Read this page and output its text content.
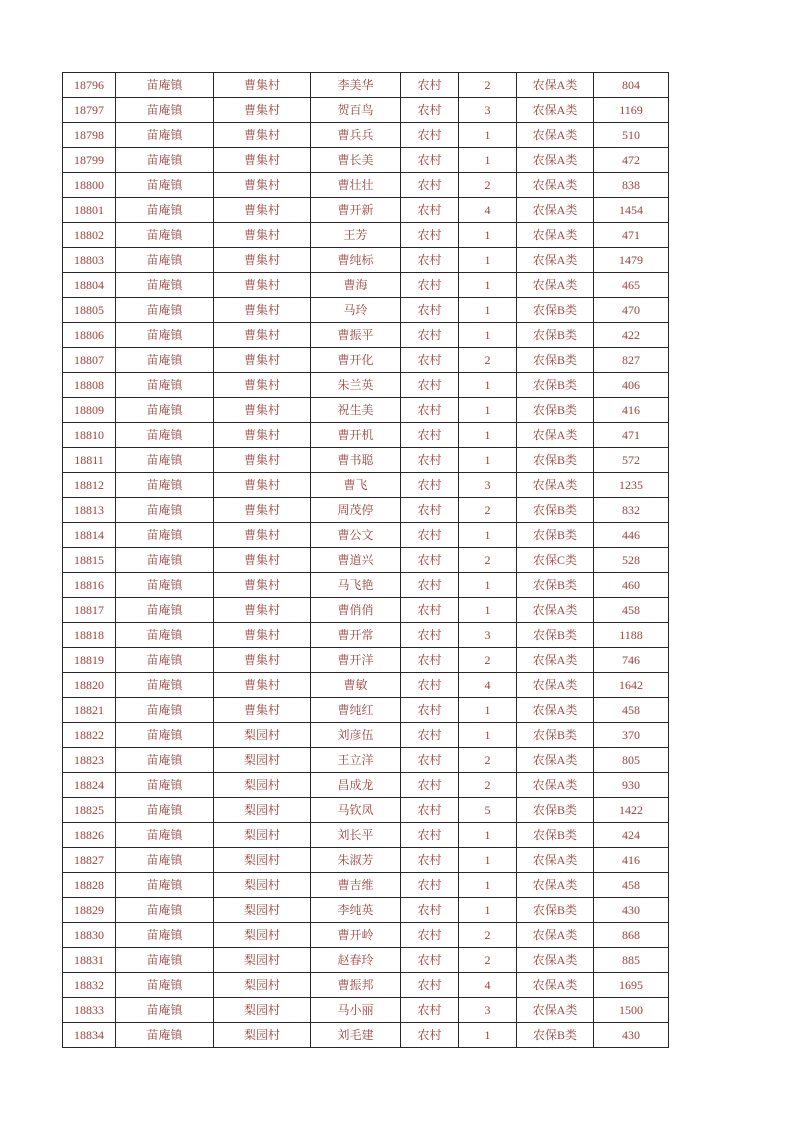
18796	苗庵镇	曹集村	李美华	农村	2	农保A类	804
18797	苗庵镇	曹集村	贺百鸟	农村	3	农保A类	1169
18798	苗庵镇	曹集村	曹兵兵	农村	1	农保A类	510
18799	苗庵镇	曹集村	曹长美	农村	1	农保A类	472
18800	苗庵镇	曹集村	曹壮壮	农村	2	农保A类	838
18801	苗庵镇	曹集村	曹开新	农村	4	农保A类	1454
18802	苗庵镇	曹集村	王芳	农村	1	农保A类	471
18803	苗庵镇	曹集村	曹纯标	农村	1	农保A类	1479
18804	苗庵镇	曹集村	曹海	农村	1	农保A类	465
18805	苗庵镇	曹集村	马玲	农村	1	农保B类	470
18806	苗庵镇	曹集村	曹振平	农村	1	农保B类	422
18807	苗庵镇	曹集村	曹开化	农村	2	农保B类	827
18808	苗庵镇	曹集村	朱兰英	农村	1	农保B类	406
18809	苗庵镇	曹集村	祝生美	农村	1	农保B类	416
18810	苗庵镇	曹集村	曹开机	农村	1	农保A类	471
18811	苗庵镇	曹集村	曹书聪	农村	1	农保B类	572
18812	苗庵镇	曹集村	曹飞	农村	3	农保A类	1235
18813	苗庵镇	曹集村	周茂停	农村	2	农保B类	832
18814	苗庵镇	曹集村	曹公文	农村	1	农保B类	446
18815	苗庵镇	曹集村	曹道兴	农村	2	农保C类	528
18816	苗庵镇	曹集村	马飞艳	农村	1	农保B类	460
18817	苗庵镇	曹集村	曹俏俏	农村	1	农保A类	458
18818	苗庵镇	曹集村	曹开常	农村	3	农保B类	1188
18819	苗庵镇	曹集村	曹开洋	农村	2	农保A类	746
18820	苗庵镇	曹集村	曹敏	农村	4	农保A类	1642
18821	苗庵镇	曹集村	曹纯红	农村	1	农保A类	458
18822	苗庵镇	梨园村	刘彦伍	农村	1	农保B类	370
18823	苗庵镇	梨园村	王立洋	农村	2	农保A类	805
18824	苗庵镇	梨园村	昌成龙	农村	2	农保A类	930
18825	苗庵镇	梨园村	马钦凤	农村	5	农保B类	1422
18826	苗庵镇	梨园村	刘长平	农村	1	农保B类	424
18827	苗庵镇	梨园村	朱淑芳	农村	1	农保A类	416
18828	苗庵镇	梨园村	曹吉维	农村	1	农保A类	458
18829	苗庵镇	梨园村	李纯英	农村	1	农保B类	430
18830	苗庵镇	梨园村	曹开岭	农村	2	农保A类	868
18831	苗庵镇	梨园村	赵春玲	农村	2	农保A类	885
18832	苗庵镇	梨园村	曹振邦	农村	4	农保A类	1695
18833	苗庵镇	梨园村	马小丽	农村	3	农保A类	1500
18834	苗庵镇	梨园村	刘毛建	农村	1	农保B类	430
